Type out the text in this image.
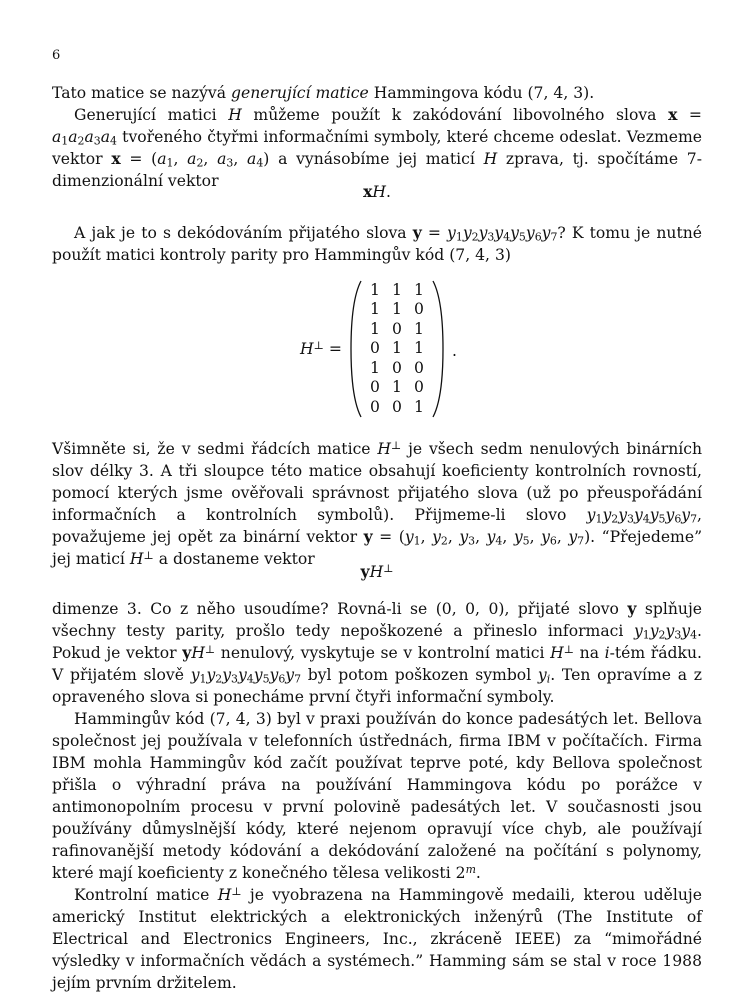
6

Tato matice se nazývá generující matice Hammingova kódu (7, 4, 3).

Generující matici H můžeme použít k zakódování libovolného slova $x = a_1a_2a_3a_4$ tvořeného čtyřmi informačními symboly, které chceme odeslat. Vezmeme vektor $x = (a_1$, $a_2$, $a_3$, $a_4$) a vynásobíme jej maticí H zprava, tj. spočítáme 7-dimenzionální vektor

xH.

A jak je to s dekódováním přijatého slova $y = y_1y_2y_3y_4y_5y_6y_7$? K tomu je nutné použít matici kontroly parity pro Hammingův kód (7, 4, 3)

H⊥ =
1	1	1
1	1	0
1	0	1
0	1	1
1	0	0
0	1	0
0	0	1
.

Všimněte si, že v sedmi řádcích matice H⊥ je všech sedm nenulových binárních slov délky 3. A tři sloupce této matice obsahují koeficienty kontrolních rovností, pomocí kterých jsme ověřovali správnost přijatého slova (už po přeuspořádání informačních a kontrolních symbolů). Přijmeme-li slovo $y_1y_2y_3y_4y_5y_6y_7$, považujeme jej opět za binární vektor $y = (y_1$, $y_2$, $y_3$, $y_4$, $y_5$, $y_6$, $y_7$). “Přejedeme” jej maticí H⊥ a dostaneme vektor

yH⊥

dimenze 3. Co z něho usoudíme? Rovná-li se (0, 0, 0), přijaté slovo y splňuje všechny testy parity, prošlo tedy nepoškozené a přineslo informaci $y_1y_2y_3y_4$. Pokud je vektor yH⊥ nenulový, vyskytuje se v kontrolní matici H⊥ na i-tém řádku. V přijatém slově $y_1y_2y_3y_4y_5y_6y_7$ byl potom poškozen symbol $y_i$. Ten opravíme a z opraveného slova si ponecháme první čtyři informační symboly.

Hammingův kód (7, 4, 3) byl v praxi používán do konce padesátých let. Bellova společnost jej používala v telefonních ústřednách, firma IBM v počítačích. Firma IBM mohla Hammingův kód začít používat teprve poté, kdy Bellova společnost přišla o výhradní práva na používání Hammingova kódu po porážce v antimonopolním procesu v první polovině padesátých let. V současnosti jsou používány důmyslnější kódy, které nejenom opravují více chyb, ale používají rafinovanější metody kódování a dekódování založené na počítání s polynomy, které mají koeficienty z konečného tělesa velikosti 2$^m$.

Kontrolní matice H⊥ je vyobrazena na Hammingově medaili, kterou uděluje americký Institut elektrických a elektronických inženýrů (The Institute of Electrical and Electronics Engineers, Inc., zkráceně IEEE) za “mimořádné výsledky v informačních vědách a systémech.” Hamming sám se stal v roce 1988 jejím prvním držitelem.
